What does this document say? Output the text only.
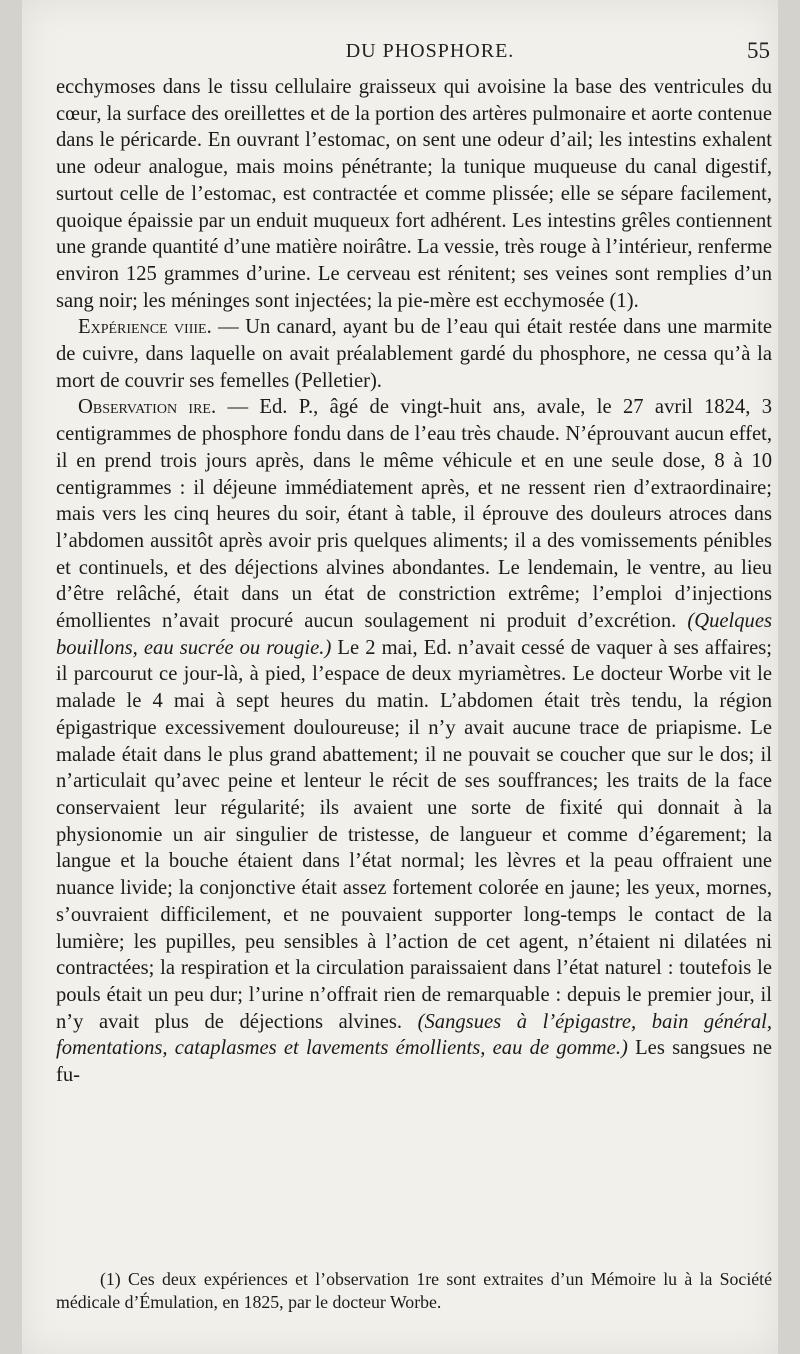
DU PHOSPHORE.	55

ecchymoses dans le tissu cellulaire graisseux qui avoisine la base des ventricules du cœur, la surface des oreillettes et de la portion des artères pulmonaire et aorte contenue dans le péricarde. En ouvrant l’estomac, on sent une odeur d’ail; les intestins exhalent une odeur analogue, mais moins pénétrante; la tunique muqueuse du canal digestif, surtout celle de l’estomac, est contractée et comme plissée; elle se sépare facilement, quoique épaissie par un enduit muqueux fort adhérent. Les intestins grêles contiennent une grande quantité d’une matière noirâtre. La vessie, très rouge à l’intérieur, renferme environ 125 grammes d’urine. Le cerveau est rénitent; ses veines sont remplies d’un sang noir; les méninges sont injectées; la pie-mère est ecchymosée (1).

Expérience viiie. — Un canard, ayant bu de l’eau qui était restée dans une marmite de cuivre, dans laquelle on avait préalablement gardé du phosphore, ne cessa qu’à la mort de couvrir ses femelles (Pelletier).

Observation ire. — Ed. P., âgé de vingt-huit ans, avale, le 27 avril 1824, 3 centigrammes de phosphore fondu dans de l’eau très chaude. N’éprouvant aucun effet, il en prend trois jours après, dans le même véhicule et en une seule dose, 8 à 10 centigrammes : il déjeune immédiatement après, et ne ressent rien d’extraordinaire; mais vers les cinq heures du soir, étant à table, il éprouve des douleurs atroces dans l’abdomen aussitôt après avoir pris quelques aliments; il a des vomissements pénibles et continuels, et des déjections alvines abondantes. Le lendemain, le ventre, au lieu d’être relâché, était dans un état de constriction extrême; l’emploi d’injections émollientes n’avait procuré aucun soulagement ni produit d’excrétion. (Quelques bouillons, eau sucrée ou rougie.) Le 2 mai, Ed. n’avait cessé de vaquer à ses affaires; il parcourut ce jour-là, à pied, l’espace de deux myriamètres. Le docteur Worbe vit le malade le 4 mai à sept heures du matin. L’abdomen était très tendu, la région épigastrique excessivement douloureuse; il n’y avait aucune trace de priapisme. Le malade était dans le plus grand abattement; il ne pouvait se coucher que sur le dos; il n’articulait qu’avec peine et lenteur le récit de ses souffrances; les traits de la face conservaient leur régularité; ils avaient une sorte de fixité qui donnait à la physionomie un air singulier de tristesse, de langueur et comme d’égarement; la langue et la bouche étaient dans l’état normal; les lèvres et la peau offraient une nuance livide; la conjonctive était assez fortement colorée en jaune; les yeux, mornes, s’ouvraient difficilement, et ne pouvaient supporter long-temps le contact de la lumière; les pupilles, peu sensibles à l’action de cet agent, n’étaient ni dilatées ni contractées; la respiration et la circulation paraissaient dans l’état naturel : toutefois le pouls était un peu dur; l’urine n’offrait rien de remarquable : depuis le premier jour, il n’y avait plus de déjections alvines. (Sangsues à l’épigastre, bain général, fomentations, cataplasmes et lavements émollients, eau de gomme.) Les sangsues ne fu-

(1) Ces deux expériences et l’observation 1re sont extraites d’un Mémoire lu à la Société médicale d’Émulation, en 1825, par le docteur Worbe.
